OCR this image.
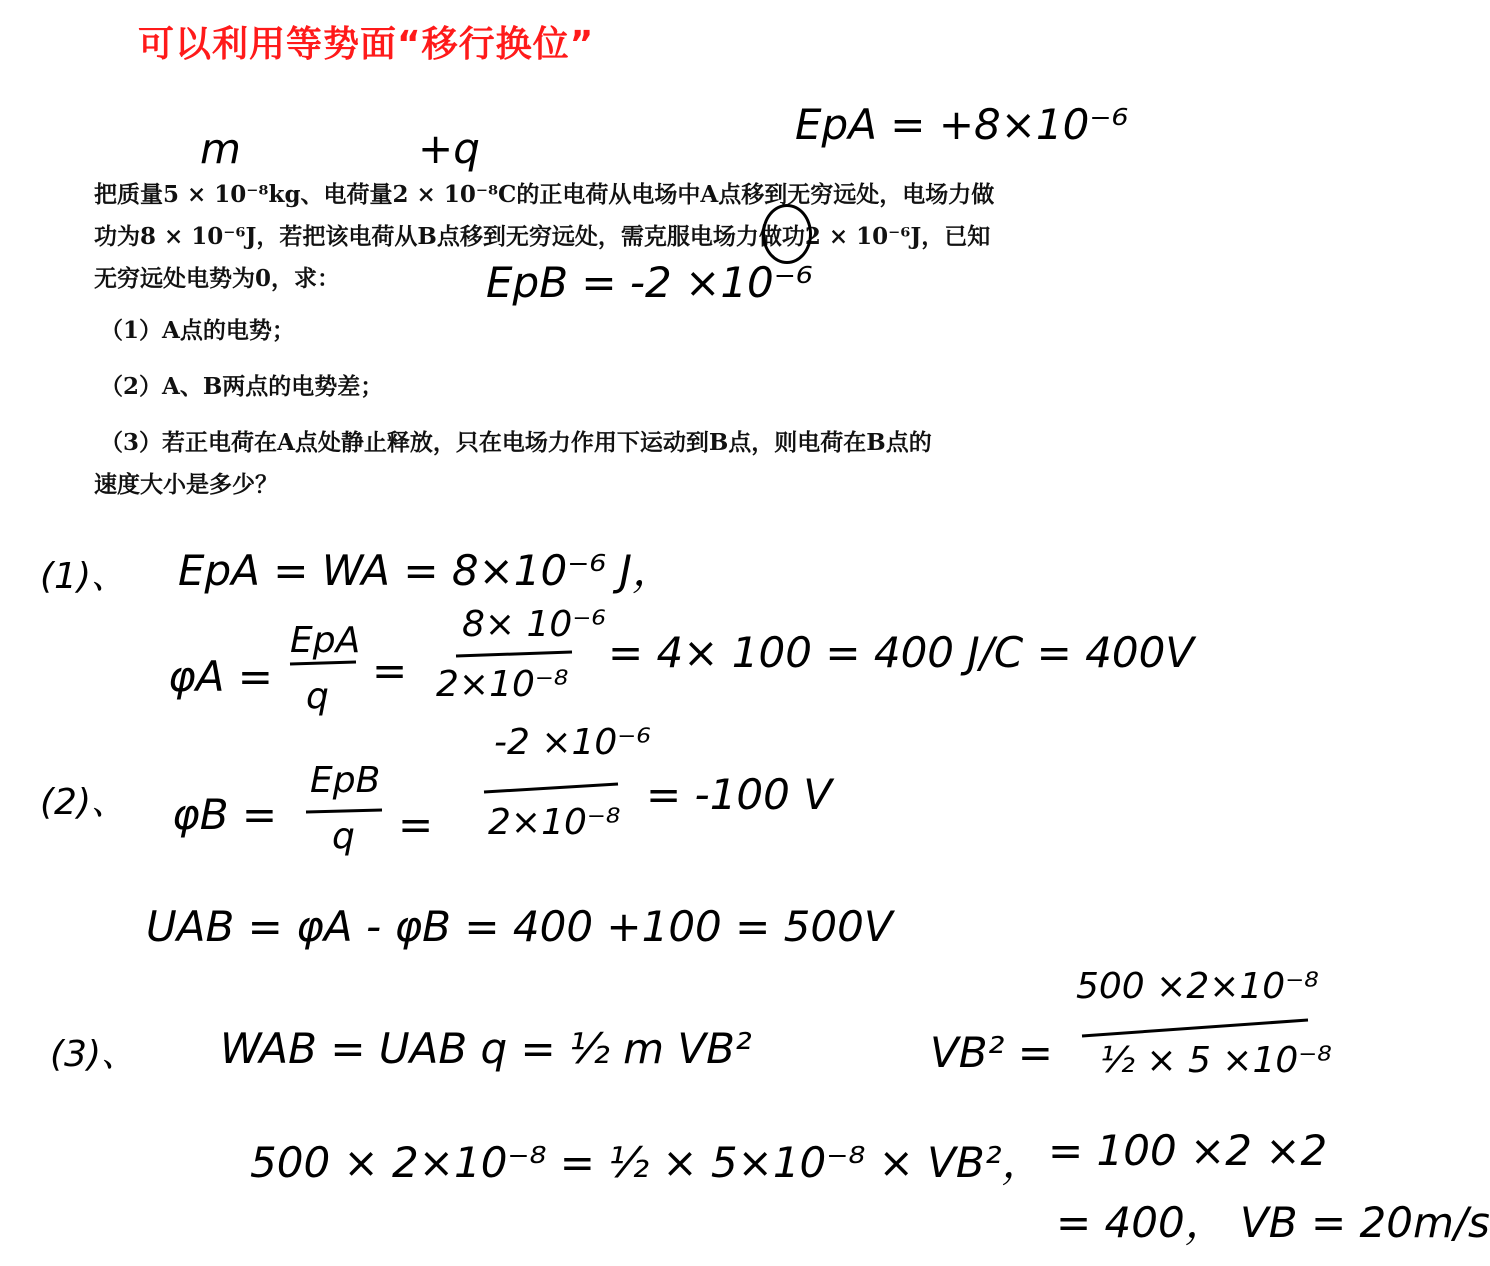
可以利用等势面“移行换位”

把质量5 × 10⁻⁸kg、电荷量2 × 10⁻⁸C的正电荷从电场中A点移到无穷远处，电场力做

功为8 × 10⁻⁶J，若把该电荷从B点移到无穷远处，需克服电场力做功2 × 10⁻⁶J，已知

无穷远处电势为0，求：

（1）A点的电势；

（2）A、B两点的电势差；

（3）若正电荷在A点处静止释放，只在电场力作用下运动到B点，则电荷在B点的

速度大小是多少？

m	+q	EpA = +8×10⁻⁶
EpB = -2 ×10⁻⁶
(1)、 EpA = WA = 8×10⁻⁶ J，
φA =
EpA
q
=
8× 10⁻⁶
2×10⁻⁸
= 4× 100 = 400 J/C = 400V
(2)、 φB =
EpB
q =
-2 ×10⁻⁶
2×10⁻⁸
= -100 V
UAB = φA - φB = 400 +100 = 500V
(3)、 WAB = UAB q = ½ m VB²
500 × 2×10⁻⁸ = ½ × 5×10⁻⁸ × VB²，
VB² =
500 ×2×10⁻⁸
½ × 5 ×10⁻⁸
= 100 ×2 ×2
= 400， VB = 20m/s
